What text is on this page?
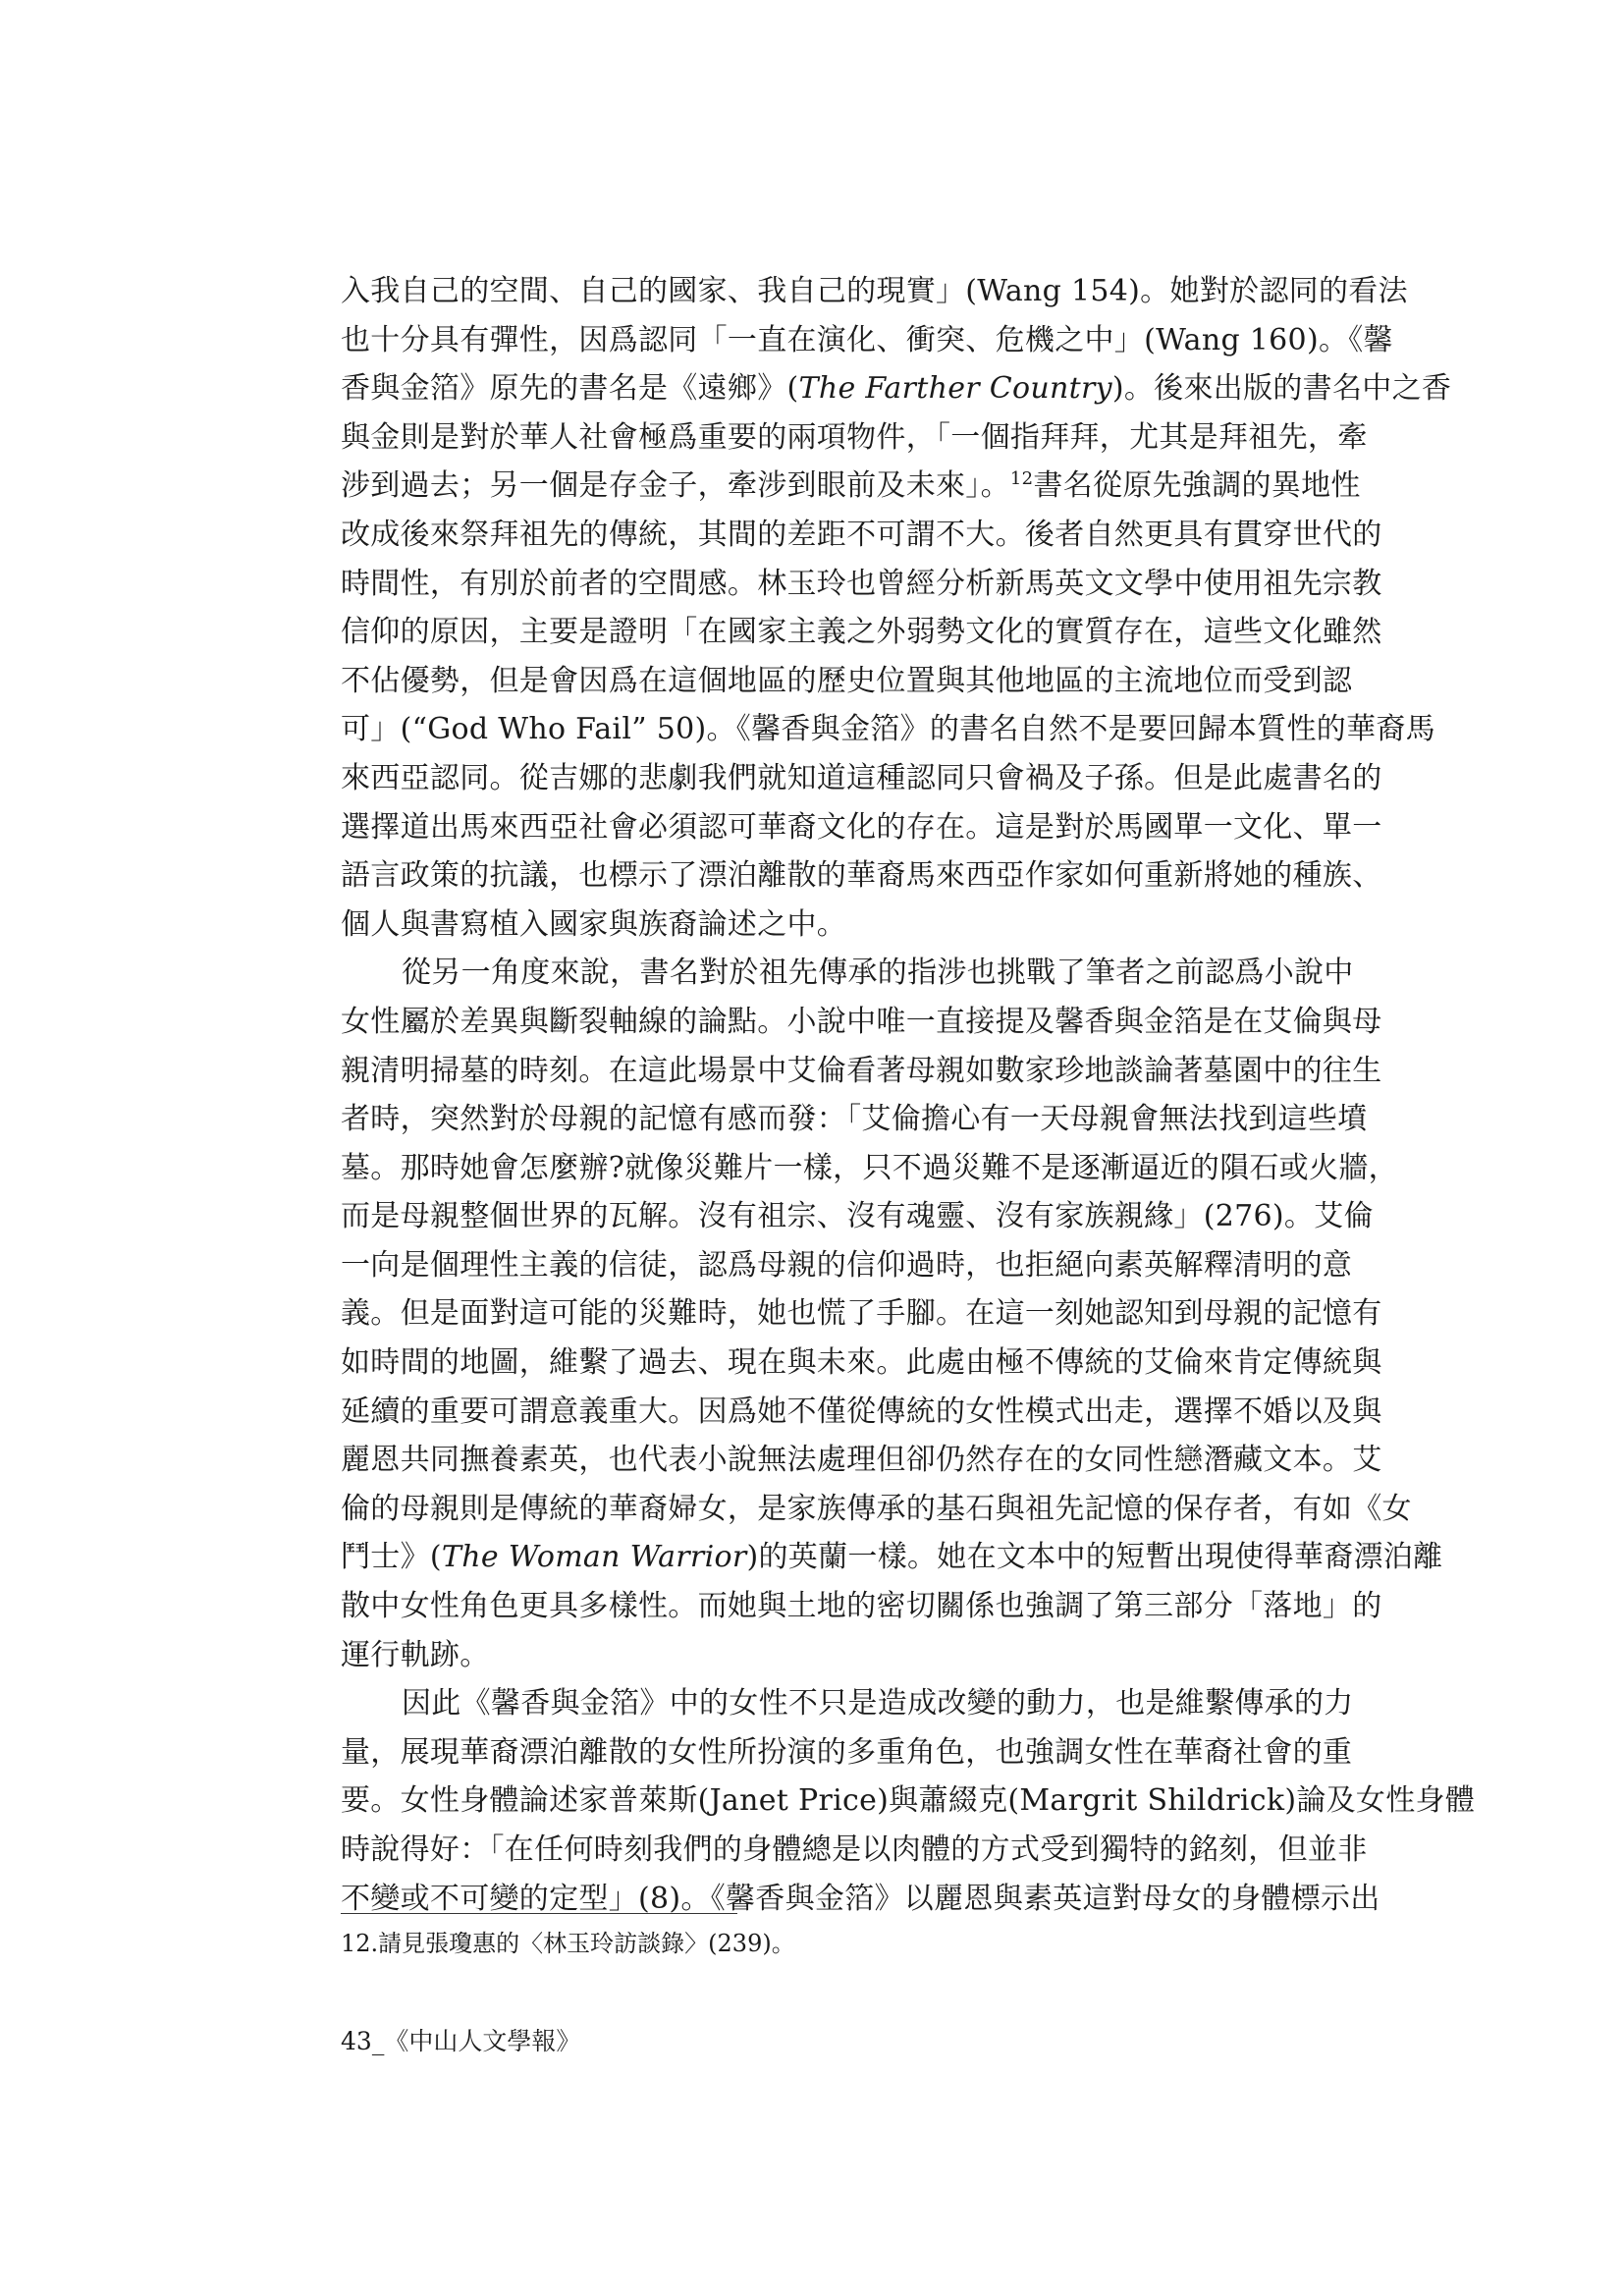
入我自己的空間、自己的國家、我自己的現實」(Wang 154)。她對於認同的看法
也十分具有彈性，因爲認同「一直在演化、衝突、危機之中」(Wang 160)。《馨
香與金箔》原先的書名是《遠鄉》(The Farther Country)。後來出版的書名中之香
與金則是對於華人社會極爲重要的兩項物件，「一個指拜拜，尤其是拜祖先，牽
涉到過去；另一個是存金子，牽涉到眼前及未來」。$^{12}$書名從原先強調的異地性
改成後來祭拜祖先的傳統，其間的差距不可謂不大。後者自然更具有貫穿世代的
時間性，有別於前者的空間感。林玉玲也曾經分析新馬英文文學中使用祖先宗教
信仰的原因，主要是證明「在國家主義之外弱勢文化的實質存在，這些文化雖然
不佔優勢，但是會因爲在這個地區的歷史位置與其他地區的主流地位而受到認
可」(“God Who Fail” 50)。《馨香與金箔》的書名自然不是要回歸本質性的華裔馬
來西亞認同。從吉娜的悲劇我們就知道這種認同只會禍及子孫。但是此處書名的
選擇道出馬來西亞社會必須認可華裔文化的存在。這是對於馬國單一文化、單一
語言政策的抗議，也標示了漂泊離散的華裔馬來西亞作家如何重新將她的種族、
個人與書寫植入國家與族裔論述之中。
從另一角度來說，書名對於祖先傳承的指涉也挑戰了筆者之前認爲小說中
女性屬於差異與斷裂軸線的論點。小說中唯一直接提及馨香與金箔是在艾倫與母
親清明掃墓的時刻。在這此場景中艾倫看著母親如數家珍地談論著墓園中的往生
者時，突然對於母親的記憶有感而發：「艾倫擔心有一天母親會無法找到這些墳
墓。那時她會怎麼辦?就像災難片一樣，只不過災難不是逐漸逼近的隕石或火牆，
而是母親整個世界的瓦解。沒有祖宗、沒有魂靈、沒有家族親緣」(276)。艾倫
一向是個理性主義的信徒，認爲母親的信仰過時，也拒絕向素英解釋清明的意
義。但是面對這可能的災難時，她也慌了手腳。在這一刻她認知到母親的記憶有
如時間的地圖，維繫了過去、現在與未來。此處由極不傳統的艾倫來肯定傳統與
延續的重要可謂意義重大。因爲她不僅從傳統的女性模式出走，選擇不婚以及與
麗恩共同撫養素英，也代表小說無法處理但卻仍然存在的女同性戀潛藏文本。艾
倫的母親則是傳統的華裔婦女，是家族傳承的基石與祖先記憶的保存者，有如《女
鬥士》(The Woman Warrior)的英蘭一樣。她在文本中的短暫出現使得華裔漂泊離
散中女性角色更具多樣性。而她與土地的密切關係也強調了第三部分「落地」的
運行軌跡。
因此《馨香與金箔》中的女性不只是造成改變的動力，也是維繫傳承的力
量，展現華裔漂泊離散的女性所扮演的多重角色，也強調女性在華裔社會的重
要。女性身體論述家普萊斯(Janet Price)與蕭綴克(Margrit Shildrick)論及女性身體
時說得好：「在任何時刻我們的身體總是以肉體的方式受到獨特的銘刻，但並非
不變或不可變的定型」(8)。《馨香與金箔》以麗恩與素英這對母女的身體標示出
12.請見張瓊惠的〈林玉玲訪談錄〉(239)。
43_《中山人文學報》
